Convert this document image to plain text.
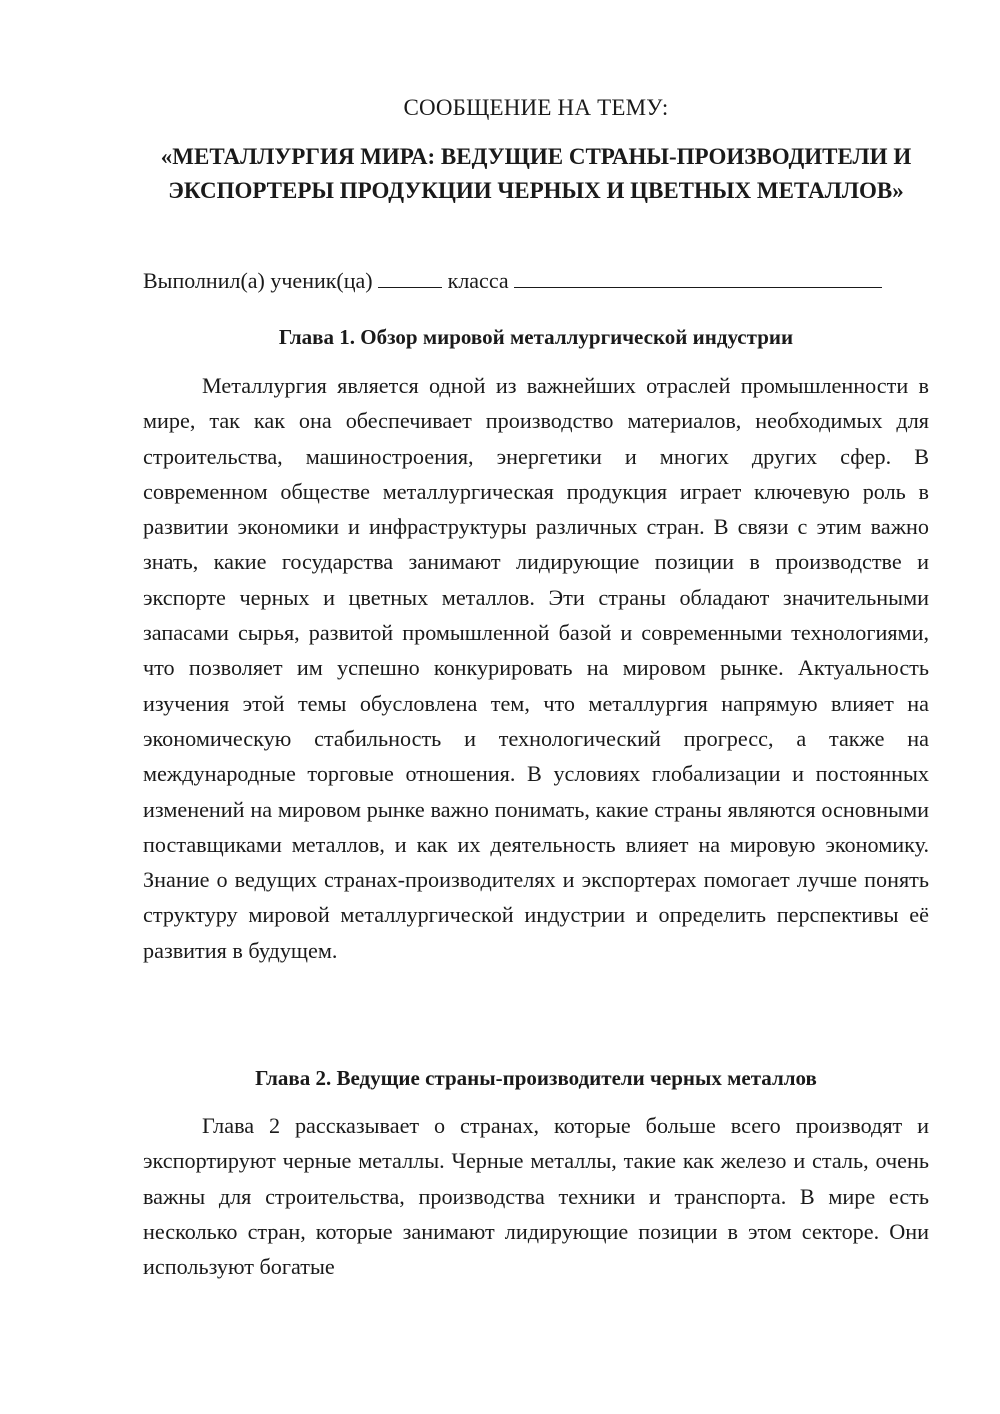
СООБЩЕНИЕ НА ТЕМУ:
«МЕТАЛЛУРГИЯ МИРА: ВЕДУЩИЕ СТРАНЫ-ПРОИЗВОДИТЕЛИ И ЭКСПОРТЕРЫ ПРОДУКЦИИ ЧЕРНЫХ И ЦВЕТНЫХ МЕТАЛЛОВ»
Выполнил(а) ученик(ца)	класса
Глава 1. Обзор мировой металлургической индустрии

Металлургия является одной из важнейших отраслей промышленности в мире, так как она обеспечивает производство материалов, необходимых для строительства, машиностроения, энергетики и многих других сфер. В современном обществе металлургическая продукция играет ключевую роль в развитии экономики и инфраструктуры различных стран. В связи с этим важно знать, какие государства занимают лидирующие позиции в производстве и экспорте черных и цветных металлов. Эти страны обладают значительными запасами сырья, развитой промышленной базой и современными технологиями, что позволяет им успешно конкурировать на мировом рынке. Актуальность изучения этой темы обусловлена тем, что металлургия напрямую влияет на экономическую стабильность и технологический прогресс, а также на международные торговые отношения. В условиях глобализации и постоянных изменений на мировом рынке важно понимать, какие страны являются основными поставщиками металлов, и как их деятельность влияет на мировую экономику. Знание о ведущих странах-производителях и экспортерах помогает лучше понять структуру мировой металлургической индустрии и определить перспективы её развития в будущем.

Глава 2. Ведущие страны-производители черных металлов

Глава 2 рассказывает о странах, которые больше всего производят и экспортируют черные металлы. Черные металлы, такие как железо и сталь, очень важны для строительства, производства техники и транспорта. В мире есть несколько стран, которые занимают лидирующие позиции в этом секторе. Они используют богатые
